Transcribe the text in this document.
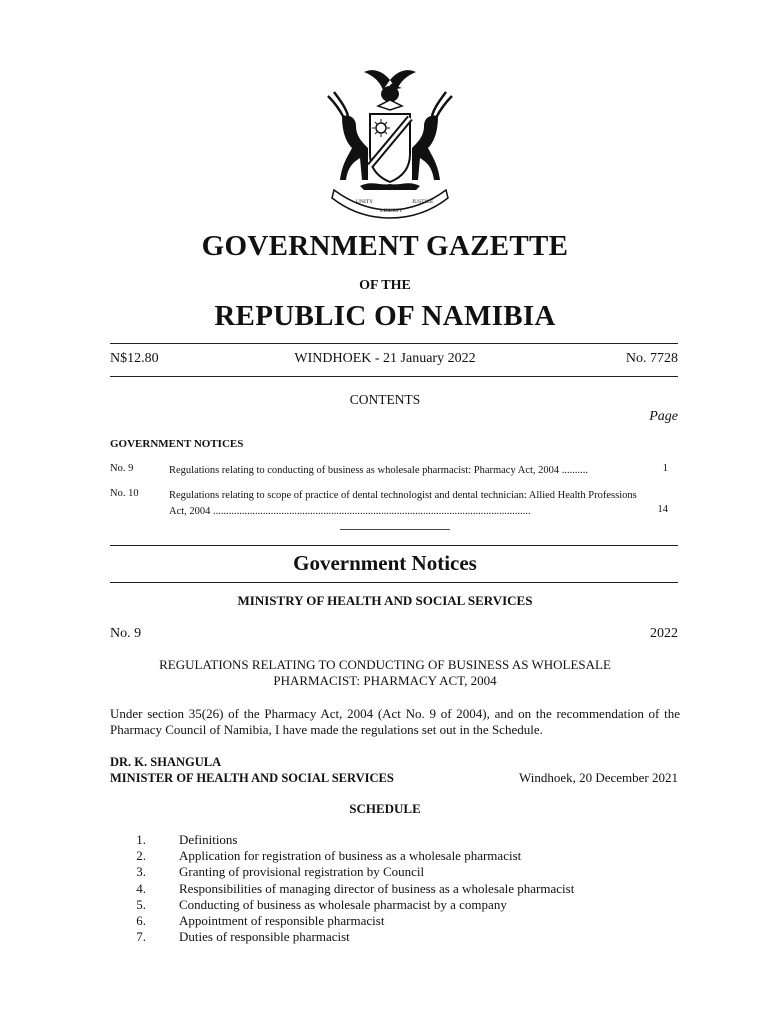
UNITY
LIBERTY
JUSTICE
GOVERNMENT GAZETTE
OF THE
REPUBLIC OF NAMIBIA
N$12.80	WINDHOEK - 21 January 2022	No. 7728
CONTENTS
Page
GOVERNMENT NOTICES
No. 9	Regulations relating to conducting of business as wholesale pharmacist: Pharmacy Act, 2004 ..........	1
No. 10	Regulations relating to scope of practice of dental technologist and dental technician: Allied Health Professions Act, 2004 .........................................................................................................................	14
Government Notices
MINISTRY OF HEALTH AND SOCIAL SERVICES
No. 9	2022
REGULATIONS RELATING TO CONDUCTING OF BUSINESS AS WHOLESALE
PHARMACIST: PHARMACY ACT, 2004
Under section 35(26) of the Pharmacy Act, 2004 (Act No. 9 of 2004), and on the recommendation of the Pharmacy Council of Namibia, I have made the regulations set out in the Schedule.
DR. K. SHANGULA
MINISTER OF HEALTH AND SOCIAL SERVICES	Windhoek, 20 December 2021
SCHEDULE
1.	Definitions
2.	Application for registration of business as a wholesale pharmacist
3.	Granting of provisional registration by Council
4.	Responsibilities of managing director of business as a wholesale pharmacist
5.	Conducting of business as wholesale pharmacist by a company
6.	Appointment of responsible pharmacist
7.	Duties of responsible pharmacist
